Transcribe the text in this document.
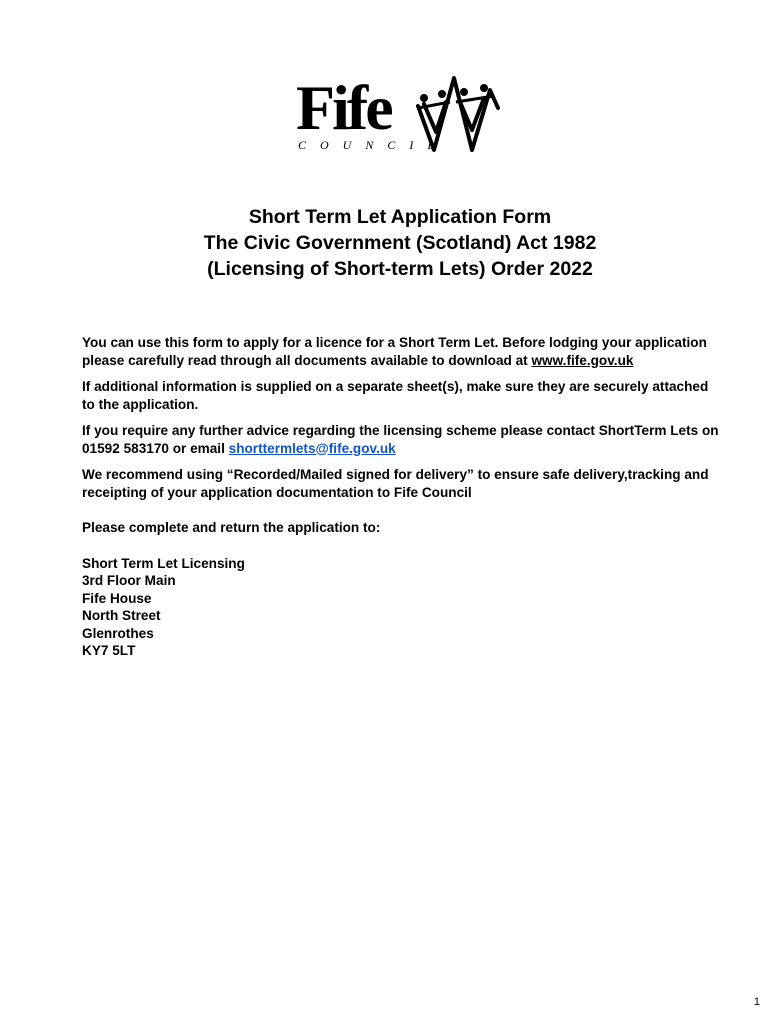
Fife
COUNCIL
Short Term Let Application Form
The Civic Government (Scotland) Act 1982
(Licensing of Short-term Lets) Order 2022

You can use this form to apply for a licence for a Short Term Let. Before lodging your application please carefully read through all documents available to download at www.fife.gov.uk

If additional information is supplied on a separate sheet(s), make sure they are securely attached to the application.

If you require any further advice regarding the licensing scheme please contact ShortTerm Lets on 01592 583170 or email shorttermlets@fife.gov.uk

We recommend using “Recorded/Mailed signed for delivery” to ensure safe delivery,tracking and receipting of your application documentation to Fife Council

Please complete and return the application to:

Short Term Let Licensing
3rd Floor Main
Fife House
North Street
Glenrothes
KY7 5LT
1
